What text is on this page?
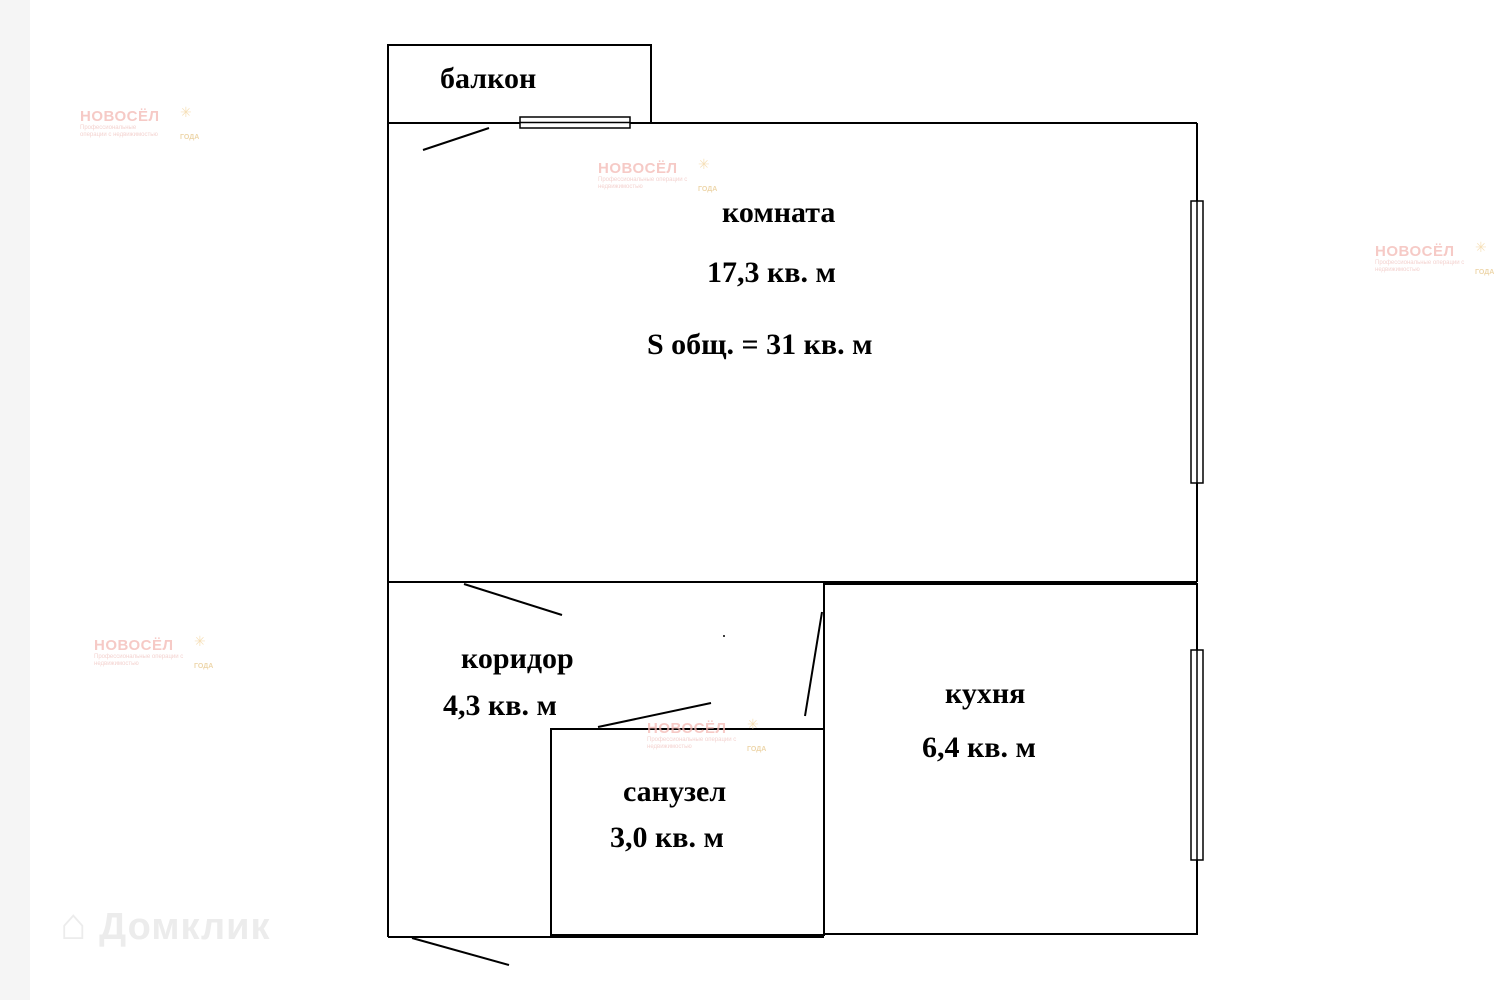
НОВОСЁЛ
Профессиональные операции с недвижимостью
✳
ГОДА
НОВОСЁЛ
Профессиональные операции с недвижимостью
✳
ГОДА
НОВОСЁЛ
Профессиональные операции с недвижимостью
✳
ГОДА
НОВОСЁЛ
Профессиональные операции с недвижимостью
✳
ГОДА
НОВОСЁЛ
Профессиональные операции с недвижимостью
✳
ГОДА
⌂ Домклик
балкон
комната
17,3 кв. м
S общ. = 31 кв. м
коридор
4,3 кв. м	кухня
6,4 кв. м
санузел
3,0 кв. м
